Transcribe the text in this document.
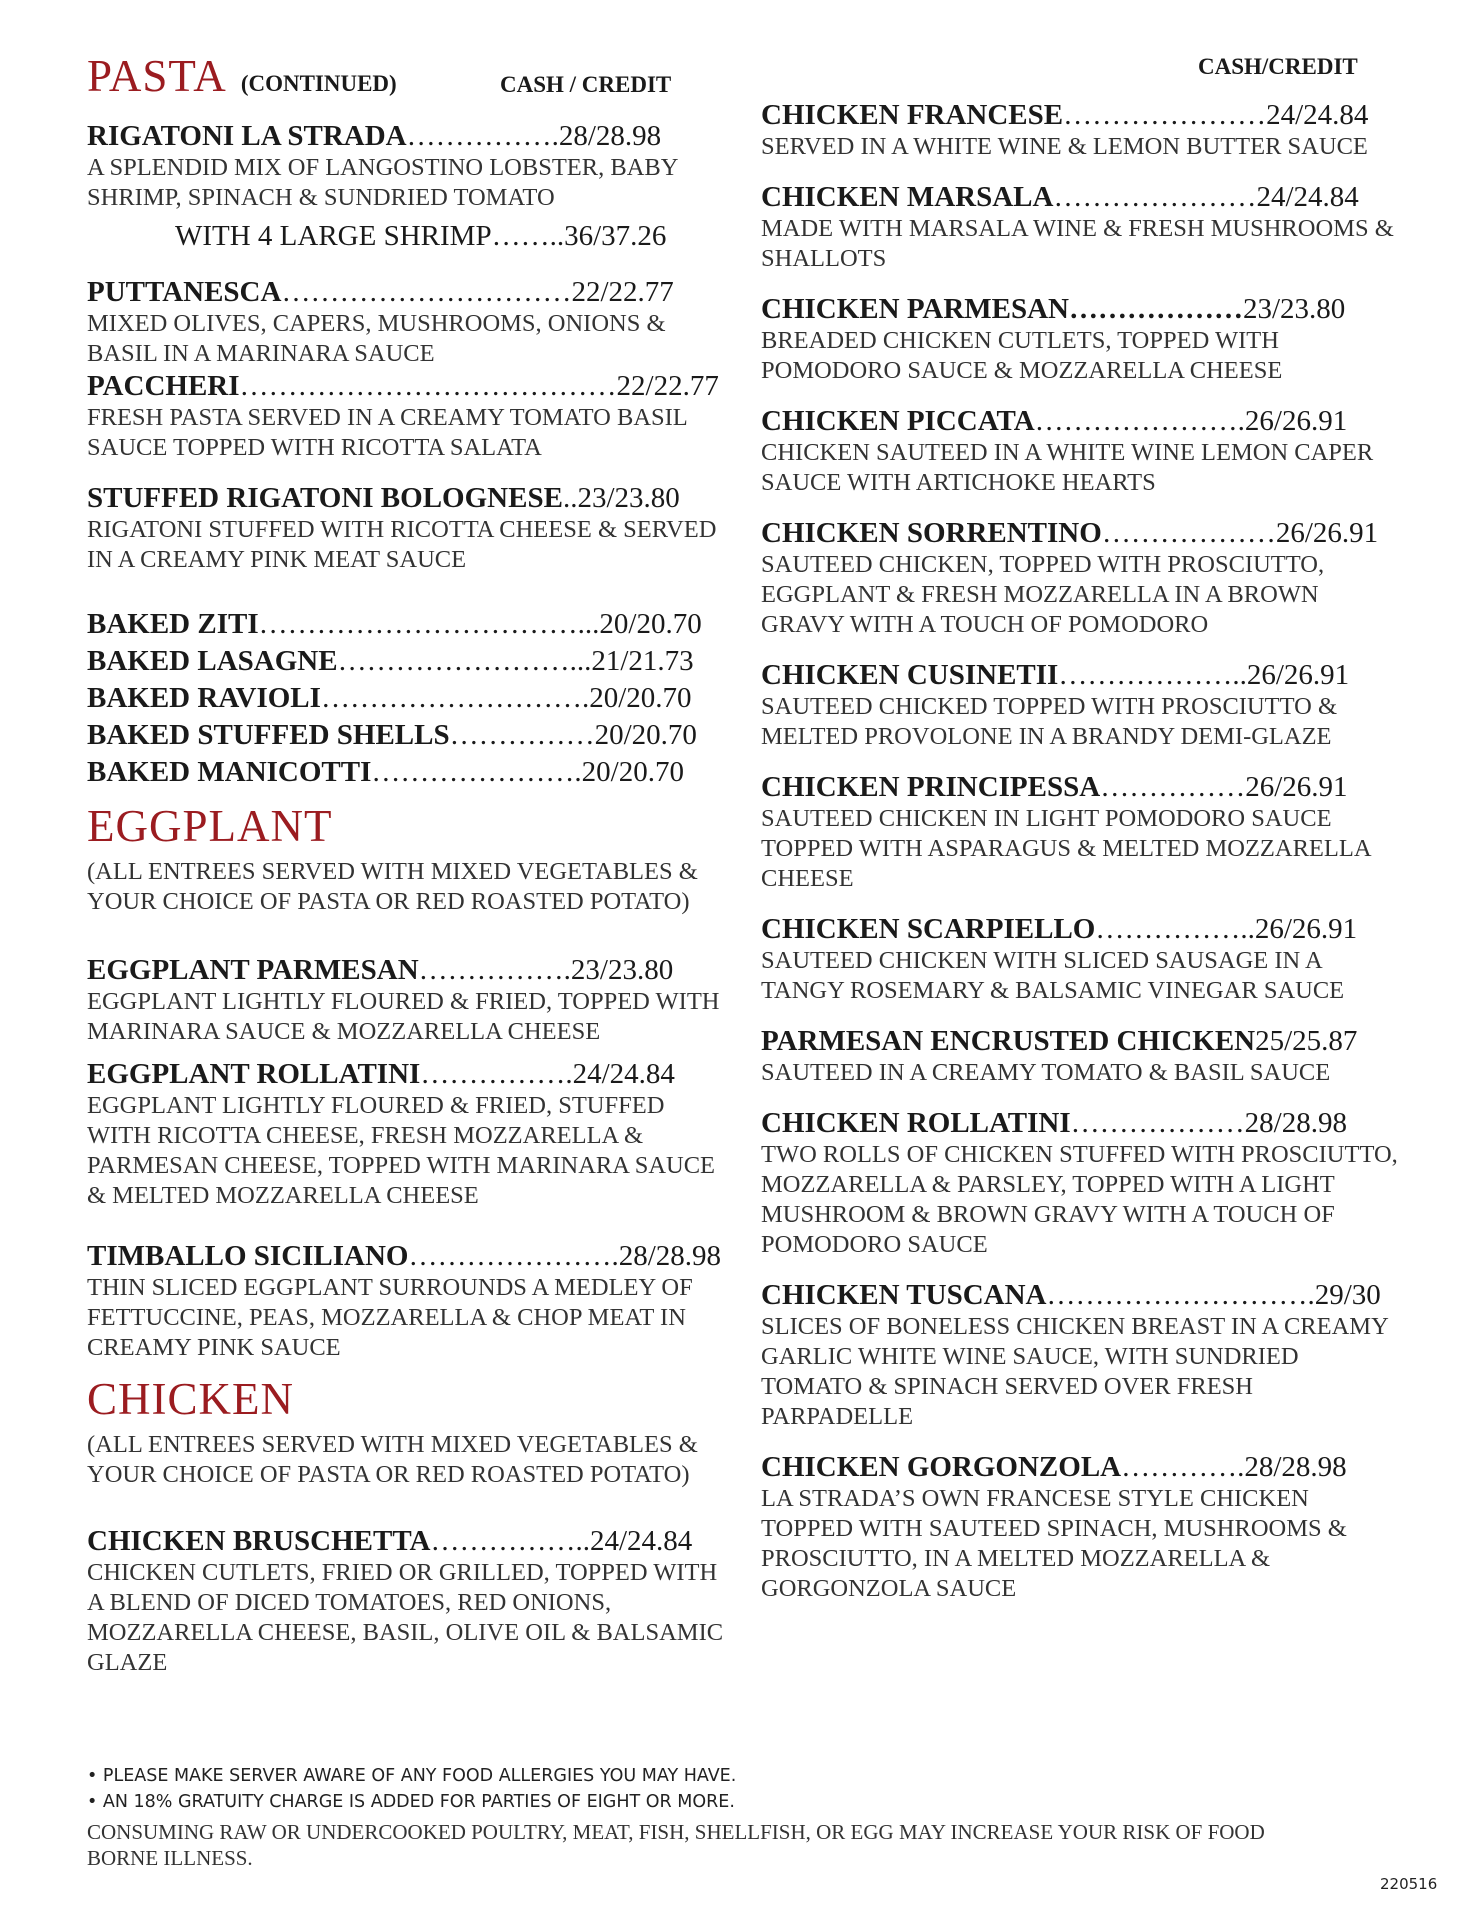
PASTA (CONTINUED)	CASH / CREDIT
RIGATONI LA STRADA…………….28/28.98
A SPLENDID MIX OF LANGOSTINO LOBSTER, BABY SHRIMP, SPINACH & SUNDRIED TOMATO
WITH 4 LARGE SHRIMP……..36/37.26
PUTTANESCA…………………………22/22.77
MIXED OLIVES, CAPERS, MUSHROOMS, ONIONS & BASIL IN A MARINARA SAUCE
PACCHERI…………………………………22/22.77
FRESH PASTA SERVED IN A CREAMY TOMATO BASIL SAUCE TOPPED WITH RICOTTA SALATA
STUFFED RIGATONI BOLOGNESE..23/23.80
RIGATONI STUFFED WITH RICOTTA CHEESE & SERVED IN A CREAMY PINK MEAT SAUCE
BAKED ZITI……………………………...20/20.70
BAKED LASAGNE……………………...21/21.73
BAKED RAVIOLI……………………….20/20.70
BAKED STUFFED SHELLS……………20/20.70
BAKED MANICOTTI………………….20/20.70
EGGPLANT
(ALL ENTREES SERVED WITH MIXED VEGETABLES & YOUR CHOICE OF PASTA OR RED ROASTED POTATO)
EGGPLANT PARMESAN…………….23/23.80
EGGPLANT LIGHTLY FLOURED & FRIED, TOPPED WITH MARINARA SAUCE & MOZZARELLA CHEESE
EGGPLANT ROLLATINI…………….24/24.84
EGGPLANT LIGHTLY FLOURED & FRIED, STUFFED WITH RICOTTA CHEESE, FRESH MOZZARELLA & PARMESAN CHEESE, TOPPED WITH MARINARA SAUCE & MELTED MOZZARELLA CHEESE
TIMBALLO SICILIANO………………….28/28.98
THIN SLICED EGGPLANT SURROUNDS A MEDLEY OF FETTUCCINE, PEAS, MOZZARELLA & CHOP MEAT IN CREAMY PINK SAUCE
CHICKEN
(ALL ENTREES SERVED WITH MIXED VEGETABLES & YOUR CHOICE OF PASTA OR RED ROASTED POTATO)
CHICKEN BRUSCHETTA……………..24/24.84
CHICKEN CUTLETS, FRIED OR GRILLED, TOPPED WITH A BLEND OF DICED TOMATOES, RED ONIONS, MOZZARELLA CHEESE, BASIL, OLIVE OIL & BALSAMIC GLAZE
CASH/CREDIT
CHICKEN FRANCESE…………………24/24.84
SERVED IN A WHITE WINE & LEMON BUTTER SAUCE
CHICKEN MARSALA…………………24/24.84
MADE WITH MARSALA WINE & FRESH MUSHROOMS & SHALLOTS
CHICKEN PARMESAN………………23/23.80
BREADED CHICKEN CUTLETS, TOPPED WITH POMODORO SAUCE & MOZZARELLA CHEESE
CHICKEN PICCATA………………….26/26.91
CHICKEN SAUTEED IN A WHITE WINE LEMON CAPER SAUCE WITH ARTICHOKE HEARTS
CHICKEN SORRENTINO………………26/26.91
SAUTEED CHICKEN, TOPPED WITH PROSCIUTTO, EGGPLANT & FRESH MOZZARELLA IN A BROWN GRAVY WITH A TOUCH OF POMODORO
CHICKEN CUSINETII………………..26/26.91
SAUTEED CHICKED TOPPED WITH PROSCIUTTO & MELTED PROVOLONE IN A BRANDY DEMI-GLAZE
CHICKEN PRINCIPESSA……………26/26.91
SAUTEED CHICKEN IN LIGHT POMODORO SAUCE TOPPED WITH ASPARAGUS & MELTED MOZZARELLA CHEESE
CHICKEN SCARPIELLO……………..26/26.91
SAUTEED CHICKEN WITH SLICED SAUSAGE IN A TANGY ROSEMARY & BALSAMIC VINEGAR SAUCE
PARMESAN ENCRUSTED CHICKEN25/25.87
SAUTEED IN A CREAMY TOMATO & BASIL SAUCE
CHICKEN ROLLATINI………………28/28.98
TWO ROLLS OF CHICKEN STUFFED WITH PROSCIUTTO, MOZZARELLA & PARSLEY, TOPPED WITH A LIGHT MUSHROOM & BROWN GRAVY WITH A TOUCH OF POMODORO SAUCE
CHICKEN TUSCANA……………………….29/30
SLICES OF BONELESS CHICKEN BREAST IN A CREAMY GARLIC WHITE WINE SAUCE, WITH SUNDRIED TOMATO & SPINACH SERVED OVER FRESH PARPADELLE
CHICKEN GORGONZOLA………….28/28.98
LA STRADA’S OWN FRANCESE STYLE CHICKEN TOPPED WITH SAUTEED SPINACH, MUSHROOMS & PROSCIUTTO, IN A MELTED MOZZARELLA & GORGONZOLA SAUCE
• PLEASE MAKE SERVER AWARE OF ANY FOOD ALLERGIES YOU MAY HAVE.
• AN 18% GRATUITY CHARGE IS ADDED FOR PARTIES OF EIGHT OR MORE.
CONSUMING RAW OR UNDERCOOKED POULTRY, MEAT, FISH, SHELLFISH, OR EGG MAY INCREASE YOUR RISK OF FOOD BORNE ILLNESS.
220516
